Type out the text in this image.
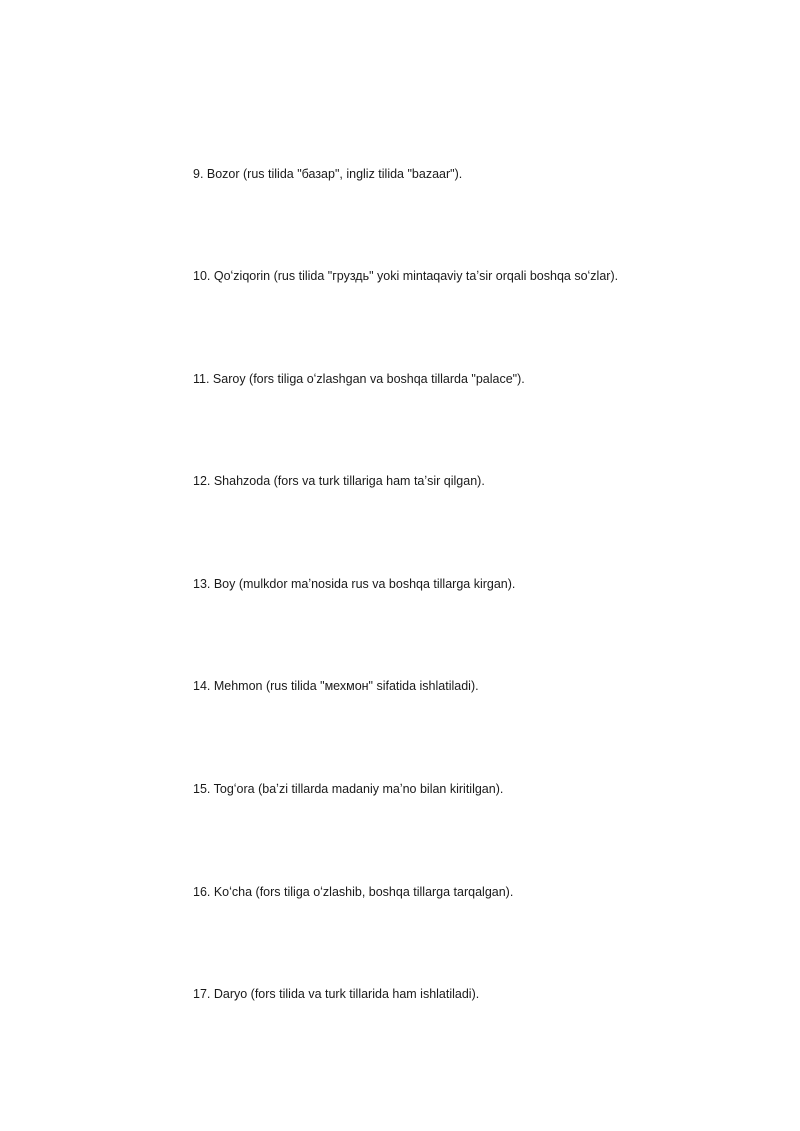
9. Bozor (rus tilida "базар", ingliz tilida "bazaar").
10. Qoʻziqorin (rus tilida "груздь" yoki mintaqaviy taʼsir orqali boshqa soʻzlar).
11. Saroy (fors tiliga oʻzlashgan va boshqa tillarda "palace").
12. Shahzoda (fors va turk tillariga ham taʼsir qilgan).
13. Boy (mulkdor maʼnosida rus va boshqa tillarga kirgan).
14. Mehmon (rus tilida "мехмон" sifatida ishlatiladi).
15. Togʻora (baʼzi tillarda madaniy maʼno bilan kiritilgan).
16. Koʻcha (fors tiliga oʻzlashib, boshqa tillarga tarqalgan).
17. Daryo (fors tilida va turk tillarida ham ishlatiladi).
